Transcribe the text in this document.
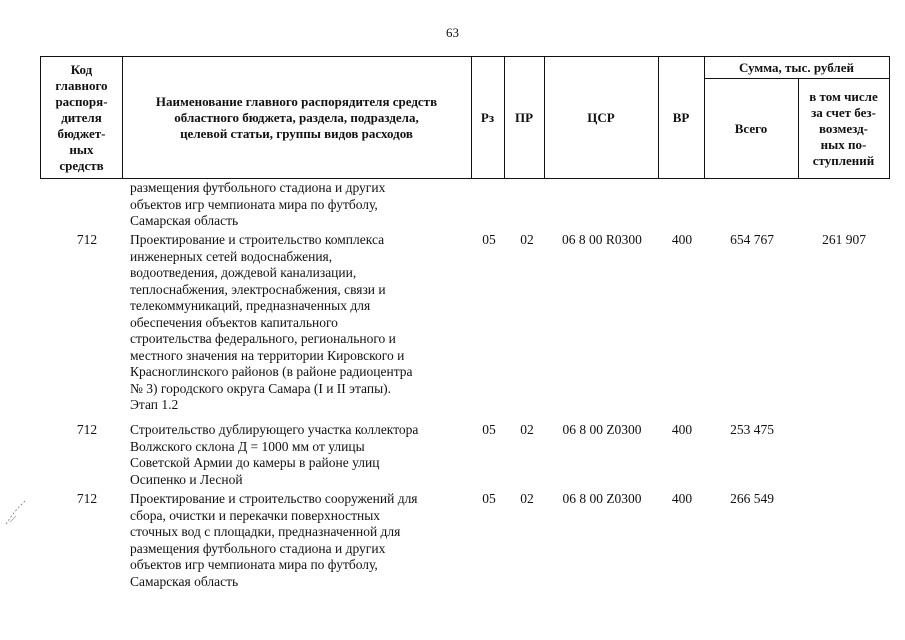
63
Код
главного
распоря-
дителя
бюджет-
ных
средств
Наименование главного распорядителя средств
областного бюджета, раздела, подраздела,
целевой статьи, группы видов расходов
Рз	ПР	ЦСР	ВР
Сумма, тыс. рублей
Всего
в том числе
за счет без-
возмезд-
ных по-
ступлений
размещения футбольного стадиона и других
объектов игр чемпионата мира по футболу,
Самарская область
712	Проектирование и строительство комплекса
инженерных сетей водоснабжения,
водоотведения, дождевой канализации,
теплоснабжения, электроснабжения, связи и
телекоммуникаций, предназначенных для
обеспечения объектов капитального
строительства федерального, регионального и
местного значения на территории Кировского и
Красноглинского районов (в районе радиоцентра
№ 3) городского округа Самара (I и II этапы).
Этап 1.2
05	02	06 8 00 R0300	400	654 767	261 907
712	Строительство дублирующего участка коллектора
Волжского склона Д = 1000 мм от улицы
Советской Армии до камеры в районе улиц
Осипенко и Лесной
05	02	06 8 00 Z0300	400	253 475
712	Проектирование и строительство сооружений для
сбора, очистки и перекачки поверхностных
сточных вод с площадки, предназначенной для
размещения футбольного стадиона и других
объектов игр чемпионата мира по футболу,
Самарская область
05	02	06 8 00 Z0300	400	266 549
